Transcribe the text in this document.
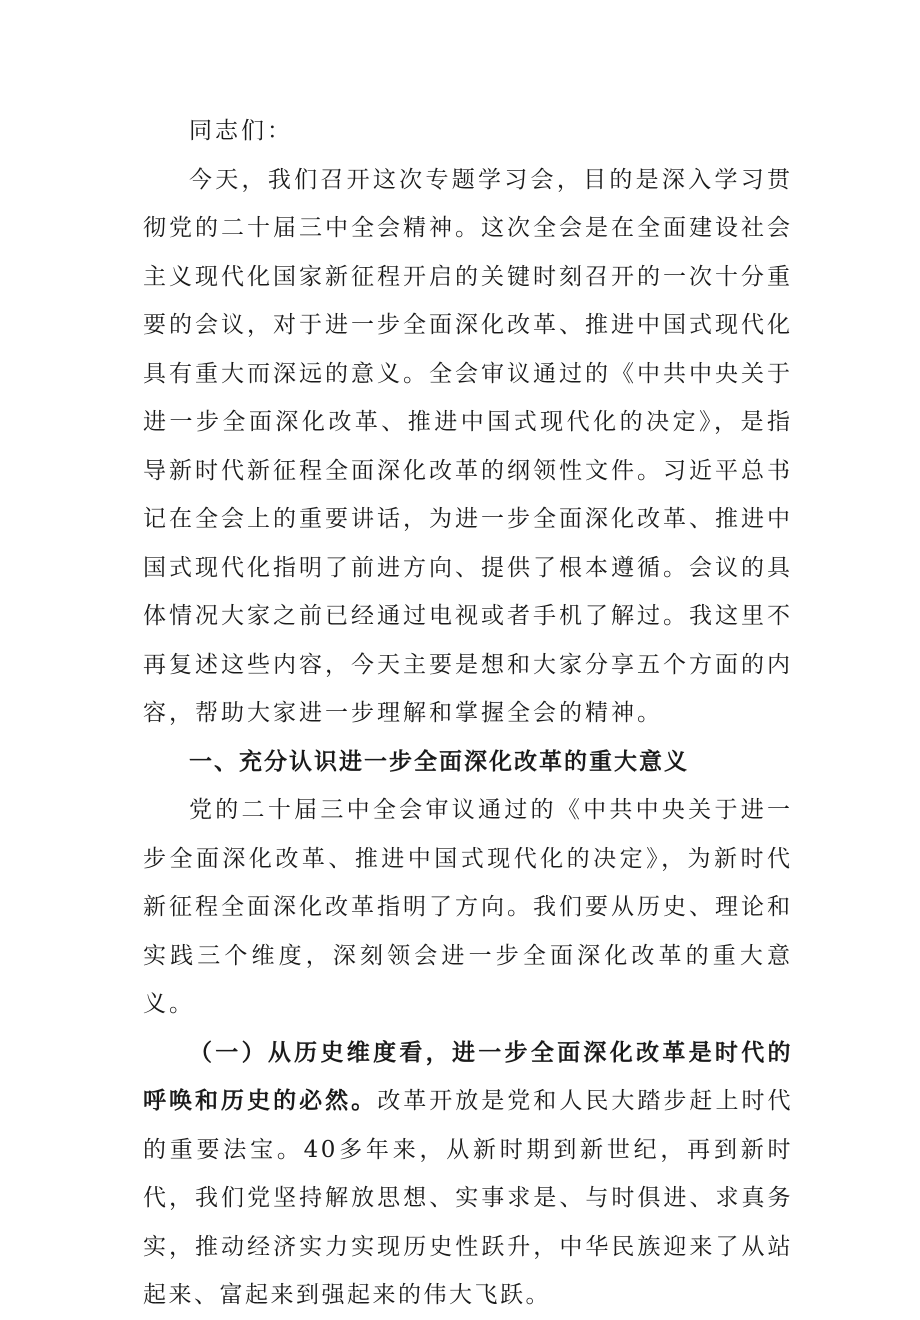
同志们：

今天，我们召开这次专题学习会，目的是深入学习贯彻党的二十届三中全会精神。这次全会是在全面建设社会主义现代化国家新征程开启的关键时刻召开的一次十分重要的会议，对于进一步全面深化改革、推进中国式现代化具有重大而深远的意义。全会审议通过的《中共中央关于进一步全面深化改革、推进中国式现代化的决定》，是指导新时代新征程全面深化改革的纲领性文件。习近平总书记在全会上的重要讲话，为进一步全面深化改革、推进中国式现代化指明了前进方向、提供了根本遵循。会议的具体情况大家之前已经通过电视或者手机了解过。我这里不再复述这些内容，今天主要是想和大家分享五个方面的内容，帮助大家进一步理解和掌握全会的精神。

一、充分认识进一步全面深化改革的重大意义

党的二十届三中全会审议通过的《中共中央关于进一步全面深化改革、推进中国式现代化的决定》，为新时代新征程全面深化改革指明了方向。我们要从历史、理论和实践三个维度，深刻领会进一步全面深化改革的重大意义。

（一）从历史维度看，进一步全面深化改革是时代的呼唤和历史的必然。改革开放是党和人民大踏步赶上时代的重要法宝。40多年来，从新时期到新世纪，再到新时代，我们党坚持解放思想、实事求是、与时俱进、求真务实，推动经济实力实现历史性跃升，中华民族迎来了从站起来、富起来到强起来的伟大飞跃。
